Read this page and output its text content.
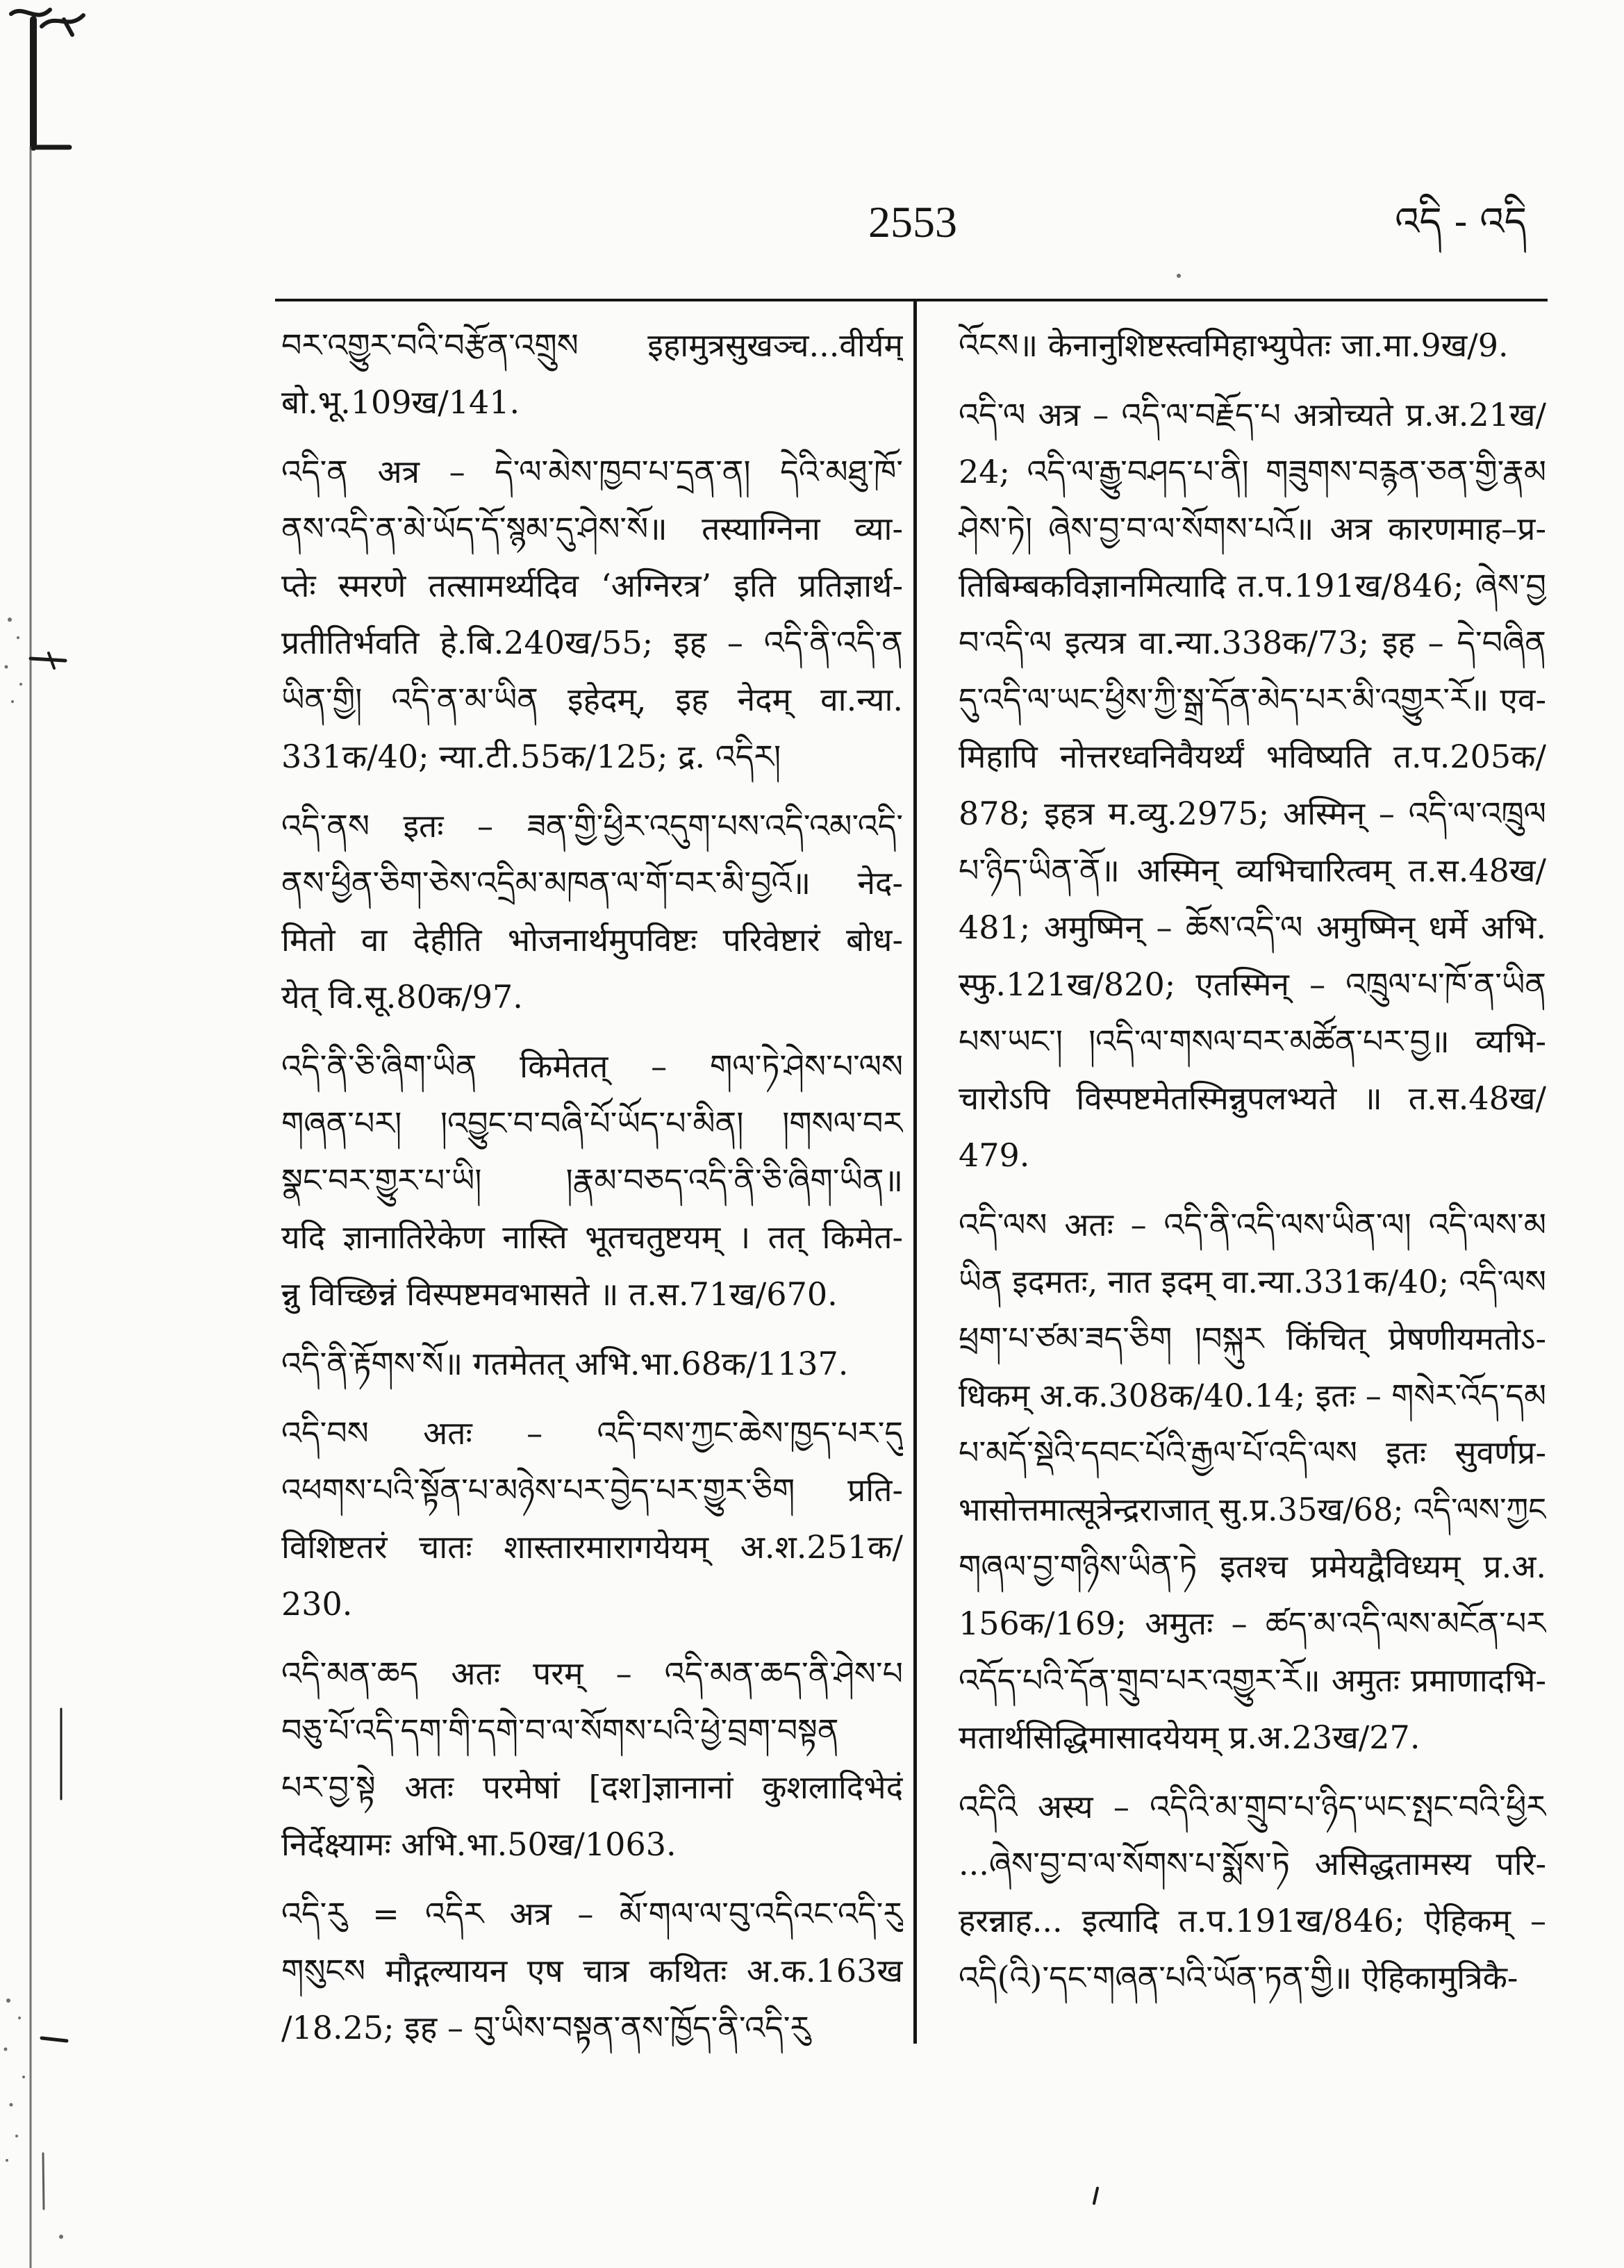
2553	འདི - འདི
བར་འགྱུར་བའི་བརྩོན་འགྲུས इहामुत्रसुखञ्च...वीर्यम्
बो.भू.109ख/141.
འདི་ན अत्र – དེ་ལ་མེས་ཁྱབ་པ་དྲན་ན། དེའི་མཐུ་ཁོ་
ནས་འདི་ན་མེ་ཡོད་དོ་སྙམ་དུ་ཤེས་སོ॥ तस्याग्निना व्या-
प्तेः स्मरणे तत्सामर्थ्यदिव ‘अग्निरत्र’ इति प्रतिज्ञार्थ-
प्रतीतिर्भवति हे.बि.240ख/55; इह – འདི་ནི་འདི་ན
ཡིན་གྱི། འདི་ན་མ་ཡིན इहेदम्, इह नेदम् वा.न्या.
331क/40; न्या.टी.55क/125; द्र. འདིར།
འདི་ནས इतः – ཟན་གྱི་ཕྱིར་འདུག་པས་འདི་འམ་འདི་
ནས་ཕྱིན་ཅིག་ཅེས་འདྲིམ་མཁན་ལ་གོ་བར་མི་བྱའོ॥ नेद-
मितो वा देहीति भोजनार्थमुपविष्टः परिवेष्टारं बोध-
येत् वि.सू.80क/97.
འདི་ནི་ཅི་ཞིག་ཡིན किमेतत् – གལ་ཏེ་ཤེས་པ་ལས
གཞན་པར། །འབྱུང་བ་བཞི་པོ་ཡོད་པ་མིན། །གསལ་བར
སྣང་བར་གྱུར་པ་ཡི། །རྣམ་བཅད་འདི་ནི་ཅི་ཞིག་ཡིན॥
यदि ज्ञानातिरेकेण नास्ति भूतचतुष्टयम् । तत् किमेत-
न्नु विच्छिन्नं विस्पष्टमवभासते ॥ त.स.71ख/670.
འདི་ནི་རྟོགས་སོ॥ गतमेतत् अभि.भा.68क/1137.
འདི་བས अतः – འདི་བས་ཀྱང་ཆེས་ཁྱད་པར་དུ
འཕགས་པའི་སྟོན་པ་མཉེས་པར་བྱེད་པར་གྱུར་ཅིག प्रति-
विशिष्टतरं चातः शास्तारमारागयेयम् अ.श.251क/
230.
འདི་མན་ཆད अतः परम् – འདི་མན་ཆད་ནི་ཤེས་པ
བཅུ་པོ་འདི་དག་གི་དགེ་བ་ལ་སོགས་པའི་ཕྱེ་བྲག་བསྟན
པར་བྱ་སྟེ अतः परमेषां [दश]ज्ञानानां कुशलादिभेदं
निर्देक्ष्यामः अभि.भा.50ख/1063.
འདི་རུ = འདིར अत्र – མོ་གལ་ལ་བུ་འདིའང་འདི་རུ
གསུངས मौद्गल्यायन एष चात्र कथितः अ.क.163ख
/18.25; इह – བུ་ཡིས་བསྟན་ནས་ཁྱོད་ནི་འདི་རུ
འོངས॥ केनानुशिष्टस्त्वमिहाभ्युपेतः जा.मा.9ख/9.
འདི་ལ अत्र – འདི་ལ་བརྗོད་པ अत्रोच्यते प्र.अ.21ख/
24; འདི་ལ་རྒྱུ་བཤད་པ་ནི། གཟུགས་བརྙན་ཅན་གྱི་རྣམ
ཤེས་ཏེ། ཞེས་བྱ་བ་ལ་སོགས་པའོ॥ अत्र कारणमाह–प्र-
तिबिम्बकविज्ञानमित्यादि त.प.191ख/846; ཞེས་བྱ
བ་འདི་ལ इत्यत्र वा.न्या.338क/73; इह – དེ་བཞིན
དུ་འདི་ལ་ཡང་ཕྱིས་ཀྱི་སྒྲ་དོན་མེད་པར་མི་འགྱུར་རོ॥ एव-
मिहापि नोत्तरध्वनिवैयर्थ्यं भविष्यति त.प.205क/
878; इहत्र म.व्यु.2975; अस्मिन् – འདི་ལ་འཁྲུལ
པ་ཉིད་ཡིན་ནོ॥ अस्मिन् व्यभिचारित्वम् त.स.48ख/
481; अमुष्मिन् – ཆོས་འདི་ལ अमुष्मिन् धर्मे अभि.
स्फु.121ख/820; एतस्मिन् – འཁྲུལ་པ་ཁོ་ན་ཡིན
པས་ཡང་། །འདི་ལ་གསལ་བར་མཚོན་པར་བྱ॥ व्यभि-
चारोऽपि विस्पष्टमेतस्मिन्नुपलभ्यते ॥ त.स.48ख/
479.
འདི་ལས अतः – འདི་ནི་འདི་ལས་ཡིན་ལ། འདི་ལས་མ
ཡིན इदमतः, नात इदम् वा.न्या.331क/40; འདི་ལས
ཕྲག་པ་ཙམ་ཟད་ཅིག །བསྐུར किंचित् प्रेषणीयमतोऽ-
धिकम् अ.क.308क/40.14; इतः – གསེར་འོད་དམ
པ་མདོ་སྡེའི་དབང་པོའི་རྒྱལ་པོ་འདི་ལས इतः सुवर्णप्र-
भासोत्तमात्सूत्रेन्द्रराजात् सु.प्र.35ख/68; འདི་ལས་ཀྱང
གཞལ་བྱ་གཉིས་ཡིན་ཏེ इतश्च प्रमेयद्वैविध्यम् प्र.अ.
156क/169; अमुतः – ཚད་མ་འདི་ལས་མངོན་པར
འདོད་པའི་དོན་གྲུབ་པར་འགྱུར་རོ॥ अमुतः प्रमाणादभि-
मतार्थसिद्धिमासादयेयम् प्र.अ.23ख/27.
འདིའི अस्य – འདིའི་མ་གྲུབ་པ་ཉིད་ཡང་སྤང་བའི་ཕྱིར
...ཞེས་བྱ་བ་ལ་སོགས་པ་སྨོས་ཏེ असिद्धतामस्य परि-
हरन्नाह... इत्यादि त.प.191ख/846; ऐहिकम् –
འདི(འི)་དང་གཞན་པའི་ཡོན་ཏན་གྱི॥ ऐहिकामुत्रिकै-
